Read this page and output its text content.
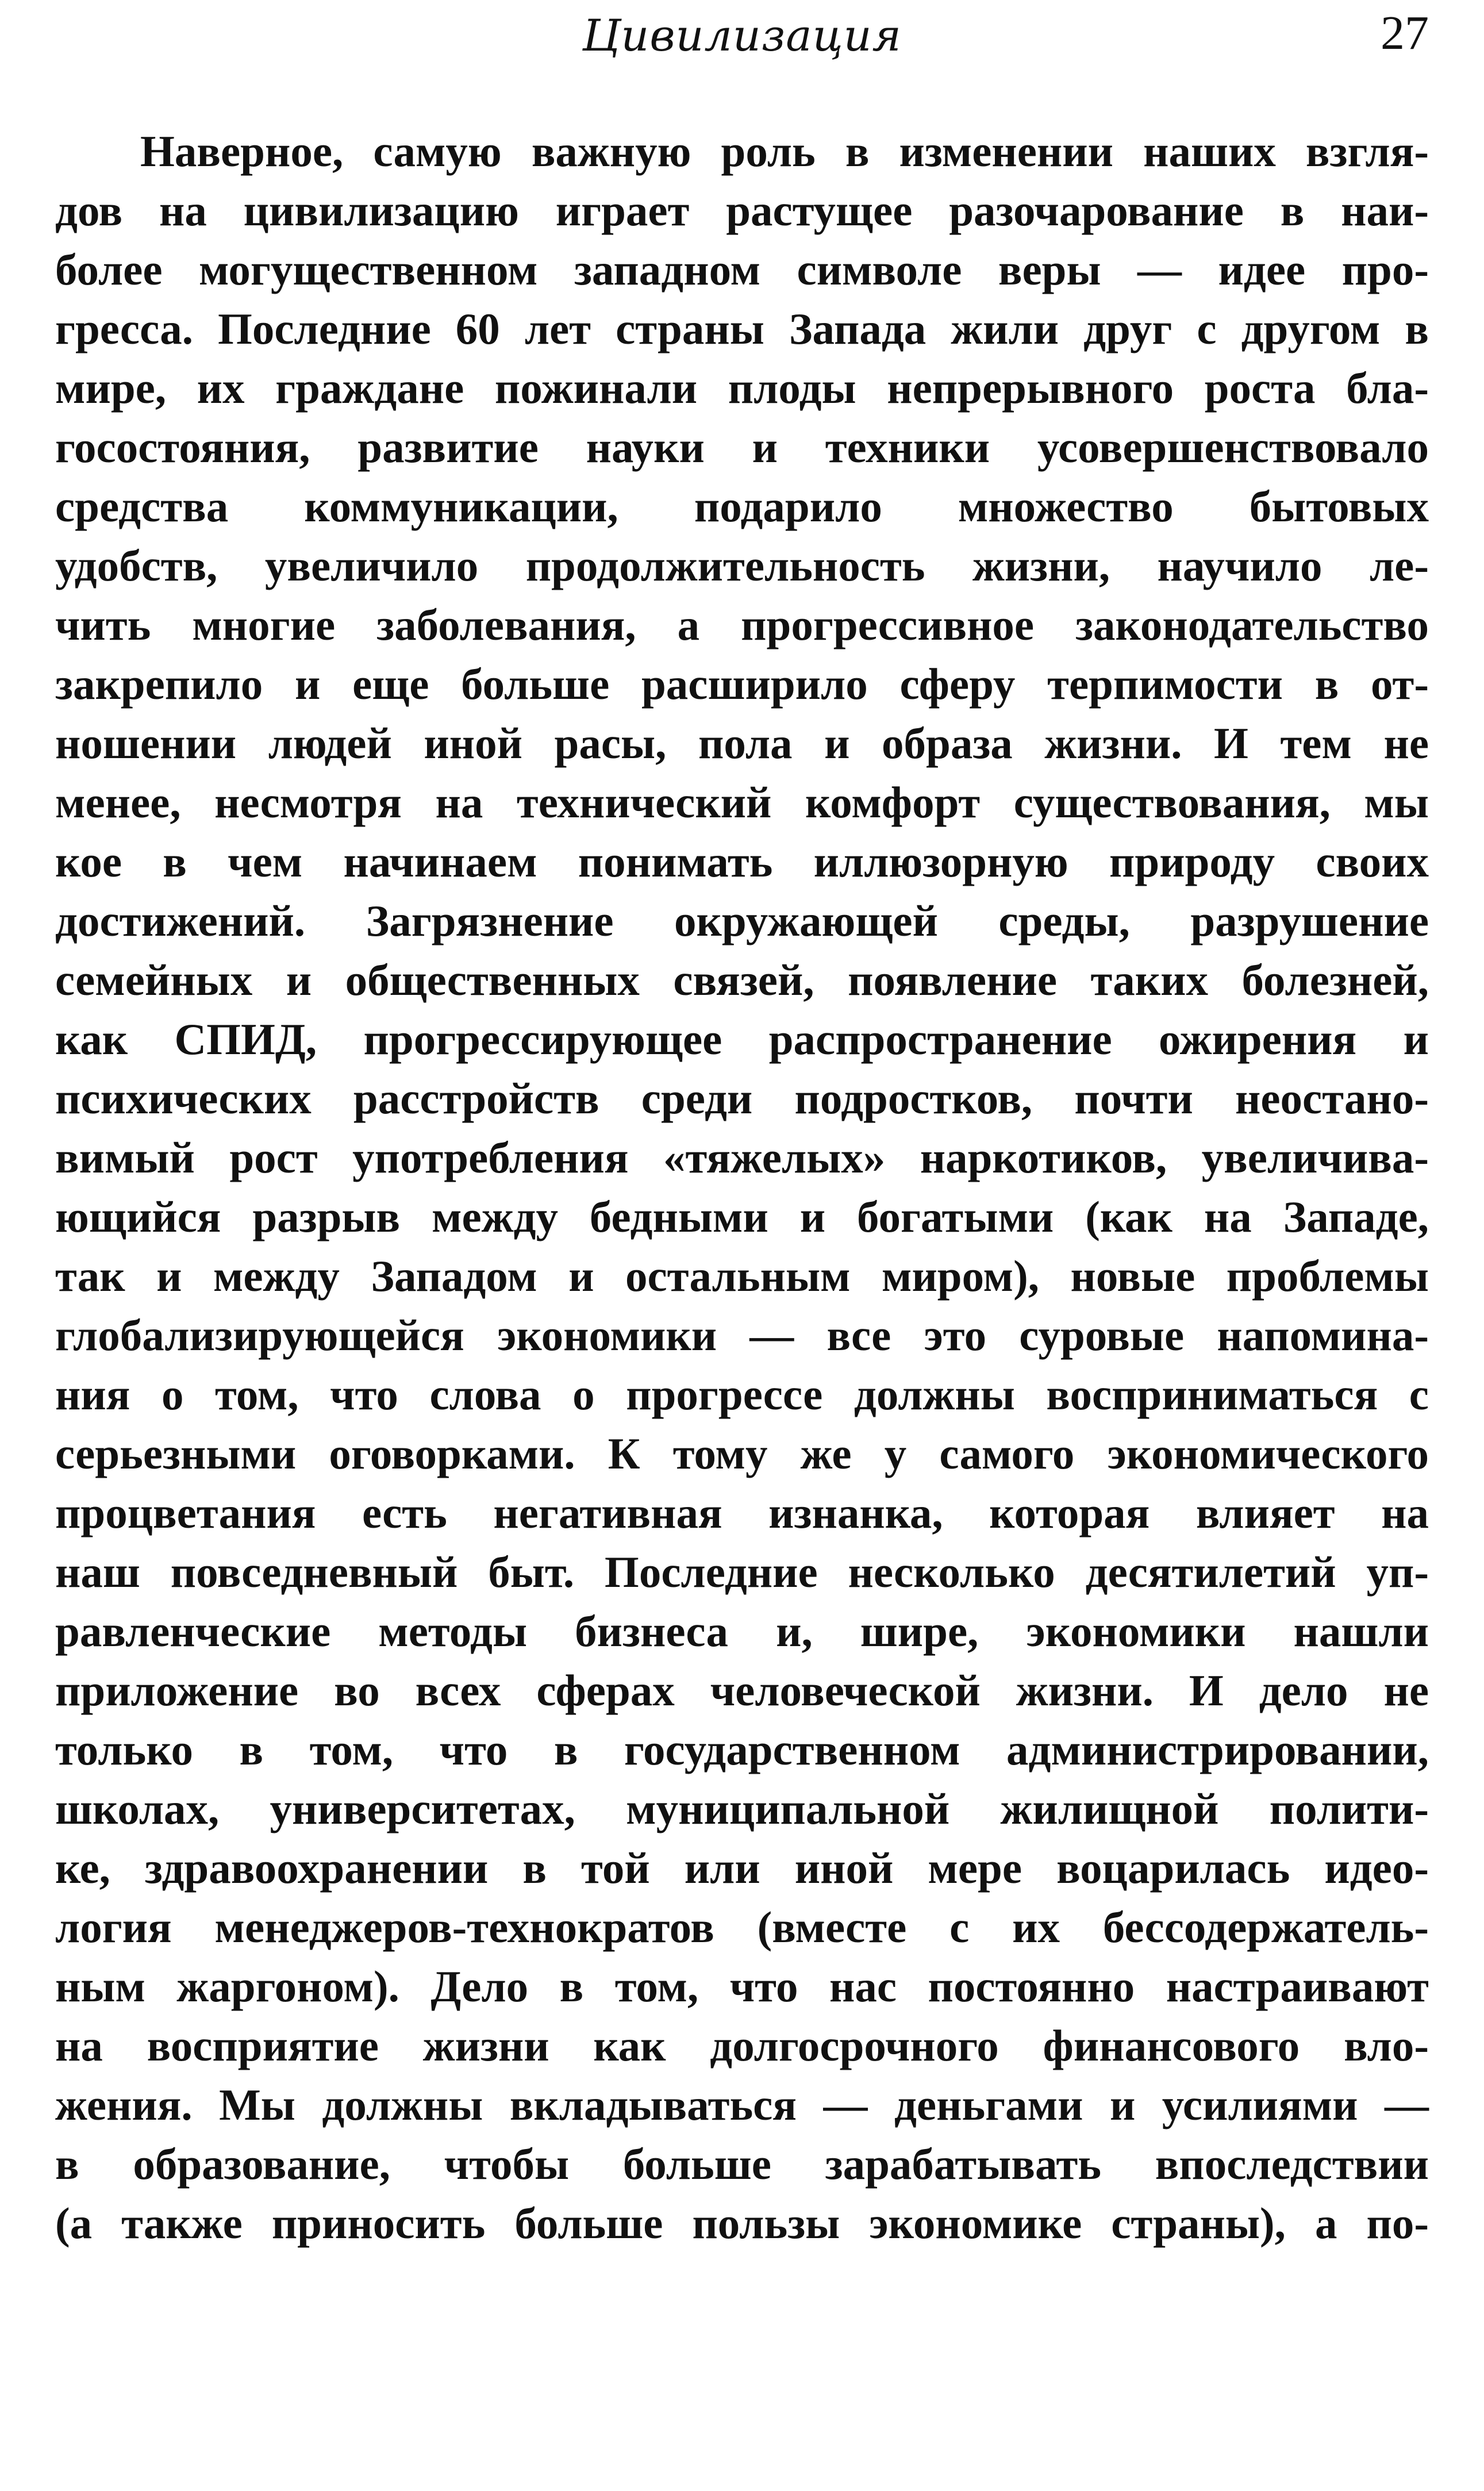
Цивилизация	27
Наверное, самую важную роль в изменении наших взгля-
дов на цивилизацию играет растущее разочарование в наи-
более могущественном западном символе веры — идее про-
гресса. Последние 60 лет страны Запада жили друг с другом в
мире, их граждане пожинали плоды непрерывного роста бла-
госостояния, развитие науки и техники усовершенствовало
средства коммуникации, подарило множество бытовых
удобств, увеличило продолжительность жизни, научило ле-
чить многие заболевания, а прогрессивное законодательство
закрепило и еще больше расширило сферу терпимости в от-
ношении людей иной расы, пола и образа жизни. И тем не
менее, несмотря на технический комфорт существования, мы
кое в чем начинаем понимать иллюзорную природу своих
достижений. Загрязнение окружающей среды, разрушение
семейных и общественных связей, появление таких болезней,
как СПИД, прогрессирующее распространение ожирения и
психических расстройств среди подростков, почти неостано-
вимый рост употребления «тяжелых» наркотиков, увеличива-
ющийся разрыв между бедными и богатыми (как на Западе,
так и между Западом и остальным миром), новые проблемы
глобализирующейся экономики — все это суровые напомина-
ния о том, что слова о прогрессе должны восприниматься с
серьезными оговорками. К тому же у самого экономического
процветания есть негативная изнанка, которая влияет на
наш повседневный быт. Последние несколько десятилетий уп-
равленческие методы бизнеса и, шире, экономики нашли
приложение во всех сферах человеческой жизни. И дело не
только в том, что в государственном администрировании,
школах, университетах, муниципальной жилищной полити-
ке, здравоохранении в той или иной мере воцарилась идео-
логия менеджеров-технократов (вместе с их бессодержатель-
ным жаргоном). Дело в том, что нас постоянно настраивают
на восприятие жизни как долгосрочного финансового вло-
жения. Мы должны вкладываться — деньгами и усилиями —
в образование, чтобы больше зарабатывать впоследствии
(а также приносить больше пользы экономике страны), а по-
